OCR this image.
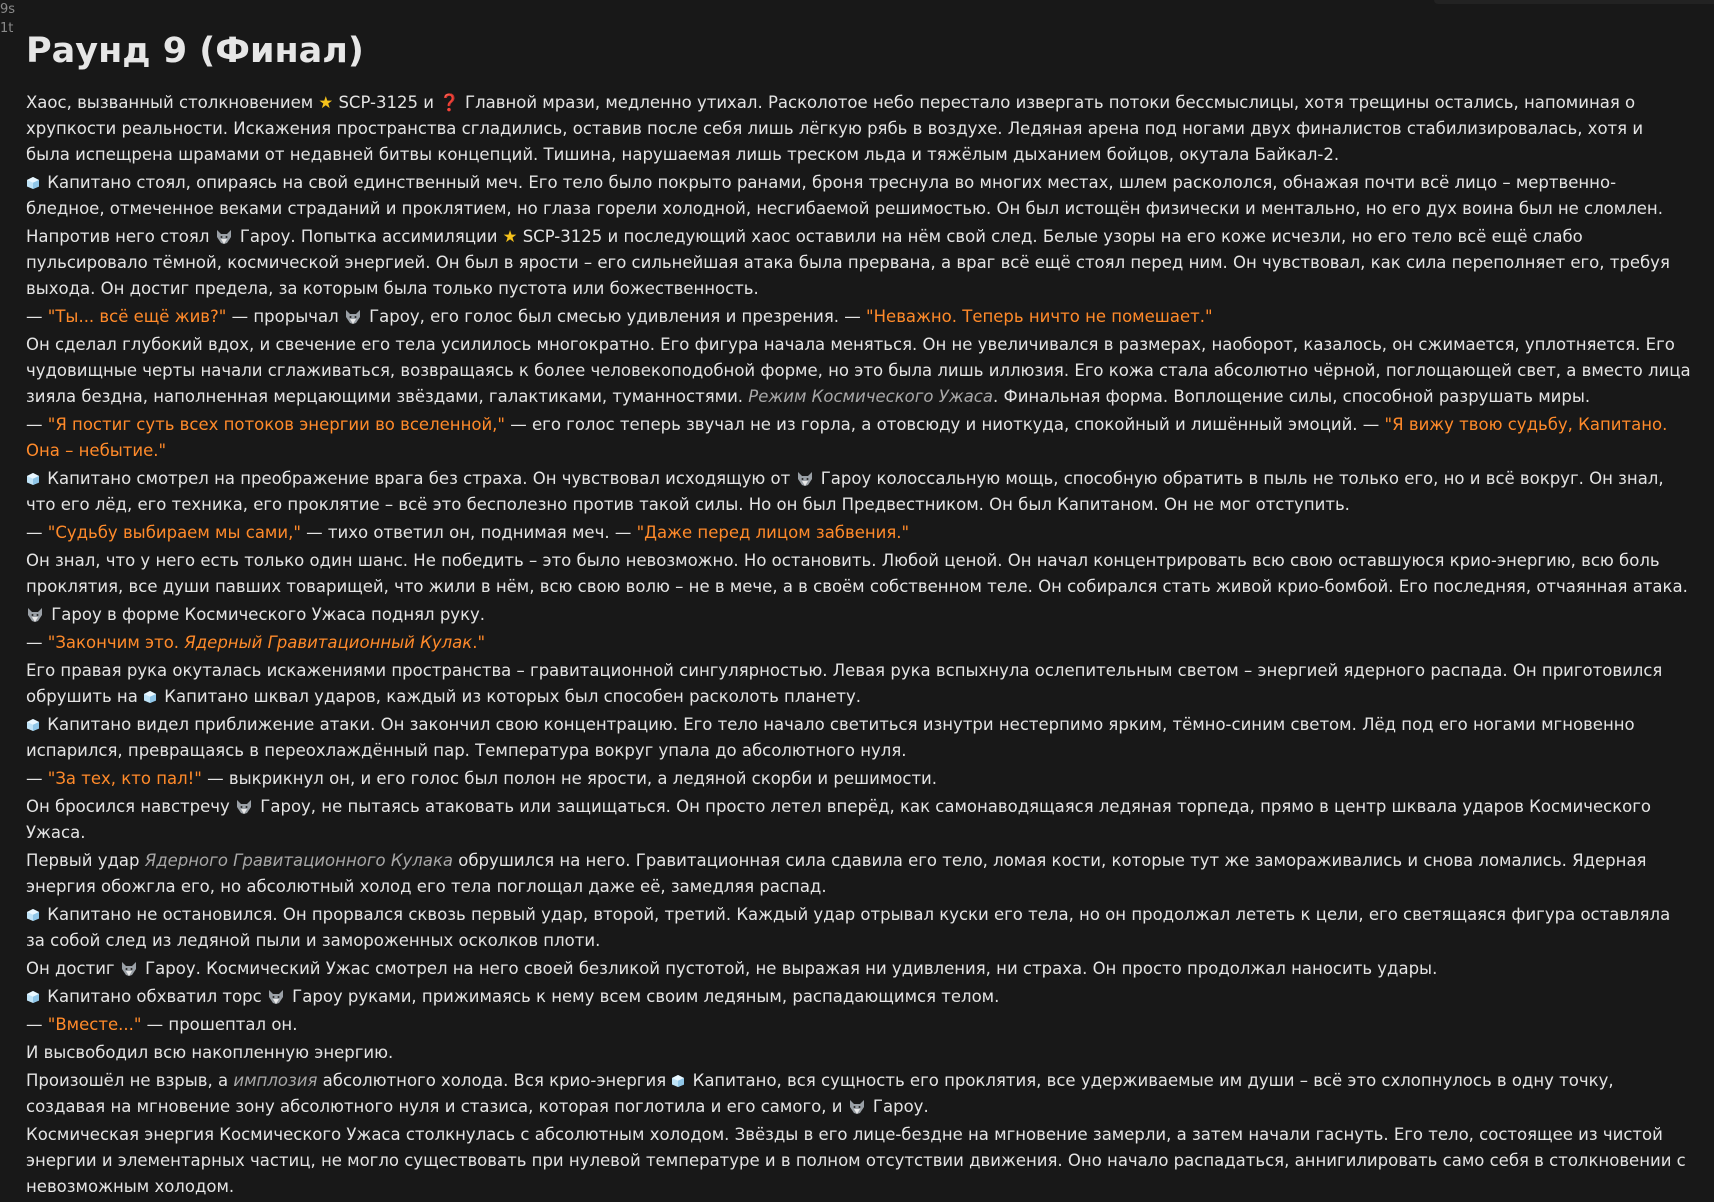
9s
1t
Раунд 9 (Финал)

Хаос, вызванный столкновением ★ SCP-3125 и ❓ Главной мрази, медленно утихал. Расколотое небо перестало извергать потоки бессмыслицы, хотя трещины остались, напоминая о хрупкости реальности. Искажения пространства сгладились, оставив после себя лишь лёгкую рябь в воздухе. Ледяная арена под ногами двух финалистов стабилизировалась, хотя и была испещрена шрамами от недавней битвы концепций. Тишина, нарушаемая лишь треском льда и тяжёлым дыханием бойцов, окутала Байкал-2.

Капитано стоял, опираясь на свой единственный меч. Его тело было покрыто ранами, броня треснула во многих местах, шлем раскололся, обнажая почти всё лицо – мертвенно-бледное, отмеченное веками страданий и проклятием, но глаза горели холодной, несгибаемой решимостью. Он был истощён физически и ментально, но его дух воина был не сломлен.

Напротив него стоял  Гароу. Попытка ассимиляции ★ SCP-3125 и последующий хаос оставили на нём свой след. Белые узоры на его коже исчезли, но его тело всё ещё слабо пульсировало тёмной, космической энергией. Он был в ярости – его сильнейшая атака была прервана, а враг всё ещё стоял перед ним. Он чувствовал, как сила переполняет его, требуя выхода. Он достиг предела, за которым была только пустота или божественность.

— "Ты... всё ещё жив?" — прорычал  Гароу, его голос был смесью удивления и презрения. — "Неважно. Теперь ничто не помешает."

Он сделал глубокий вдох, и свечение его тела усилилось многократно. Его фигура начала меняться. Он не увеличивался в размерах, наоборот, казалось, он сжимается, уплотняется. Его чудовищные черты начали сглаживаться, возвращаясь к более человекоподобной форме, но это была лишь иллюзия. Его кожа стала абсолютно чёрной, поглощающей свет, а вместо лица зияла бездна, наполненная мерцающими звёздами, галактиками, туманностями. Режим Космического Ужаса. Финальная форма. Воплощение силы, способной разрушать миры.

— "Я постиг суть всех потоков энергии во вселенной," — его голос теперь звучал не из горла, а отовсюду и ниоткуда, спокойный и лишённый эмоций. — "Я вижу твою судьбу, Капитано. Она – небытие."

Капитано смотрел на преображение врага без страха. Он чувствовал исходящую от  Гароу колоссальную мощь, способную обратить в пыль не только его, но и всё вокруг. Он знал, что его лёд, его техника, его проклятие – всё это бесполезно против такой силы. Но он был Предвестником. Он был Капитаном. Он не мог отступить.

— "Судьбу выбираем мы сами," — тихо ответил он, поднимая меч. — "Даже перед лицом забвения."

Он знал, что у него есть только один шанс. Не победить – это было невозможно. Но остановить. Любой ценой. Он начал концентрировать всю свою оставшуюся крио-энергию, всю боль проклятия, все души павших товарищей, что жили в нём, всю свою волю – не в мече, а в своём собственном теле. Он собирался стать живой крио-бомбой. Его последняя, отчаянная атака.

Гароу в форме Космического Ужаса поднял руку.

— "Закончим это. Ядерный Гравитационный Кулак."

Его правая рука окуталась искажениями пространства – гравитационной сингулярностью. Левая рука вспыхнула ослепительным светом – энергией ядерного распада. Он приготовился обрушить на  Капитано шквал ударов, каждый из которых был способен расколоть планету.

Капитано видел приближение атаки. Он закончил свою концентрацию. Его тело начало светиться изнутри нестерпимо ярким, тёмно-синим светом. Лёд под его ногами мгновенно испарился, превращаясь в переохлаждённый пар. Температура вокруг упала до абсолютного нуля.

— "За тех, кто пал!" — выкрикнул он, и его голос был полон не ярости, а ледяной скорби и решимости.

Он бросился навстречу  Гароу, не пытаясь атаковать или защищаться. Он просто летел вперёд, как самонаводящаяся ледяная торпеда, прямо в центр шквала ударов Космического Ужаса.

Первый удар Ядерного Гравитационного Кулака обрушился на него. Гравитационная сила сдавила его тело, ломая кости, которые тут же замораживались и снова ломались. Ядерная энергия обожгла его, но абсолютный холод его тела поглощал даже её, замедляя распад.

Капитано не остановился. Он прорвался сквозь первый удар, второй, третий. Каждый удар отрывал куски его тела, но он продолжал лететь к цели, его светящаяся фигура оставляла за собой след из ледяной пыли и замороженных осколков плоти.

Он достиг  Гароу. Космический Ужас смотрел на него своей безликой пустотой, не выражая ни удивления, ни страха. Он просто продолжал наносить удары.

Капитано обхватил торс  Гароу руками, прижимаясь к нему всем своим ледяным, распадающимся телом.

— "Вместе..." — прошептал он.

И высвободил всю накопленную энергию.

Произошёл не взрыв, а имплозия абсолютного холода. Вся крио-энергия  Капитано, вся сущность его проклятия, все удерживаемые им души – всё это схлопнулось в одну точку, создавая на мгновение зону абсолютного нуля и стазиса, которая поглотила и его самого, и  Гароу.

Космическая энергия Космического Ужаса столкнулась с абсолютным холодом. Звёзды в его лице-бездне на мгновение замерли, а затем начали гаснуть. Его тело, состоящее из чистой энергии и элементарных частиц, не могло существовать при нулевой температуре и в полном отсутствии движения. Оно начало распадаться, аннигилировать само себя в столкновении с невозможным холодом.
